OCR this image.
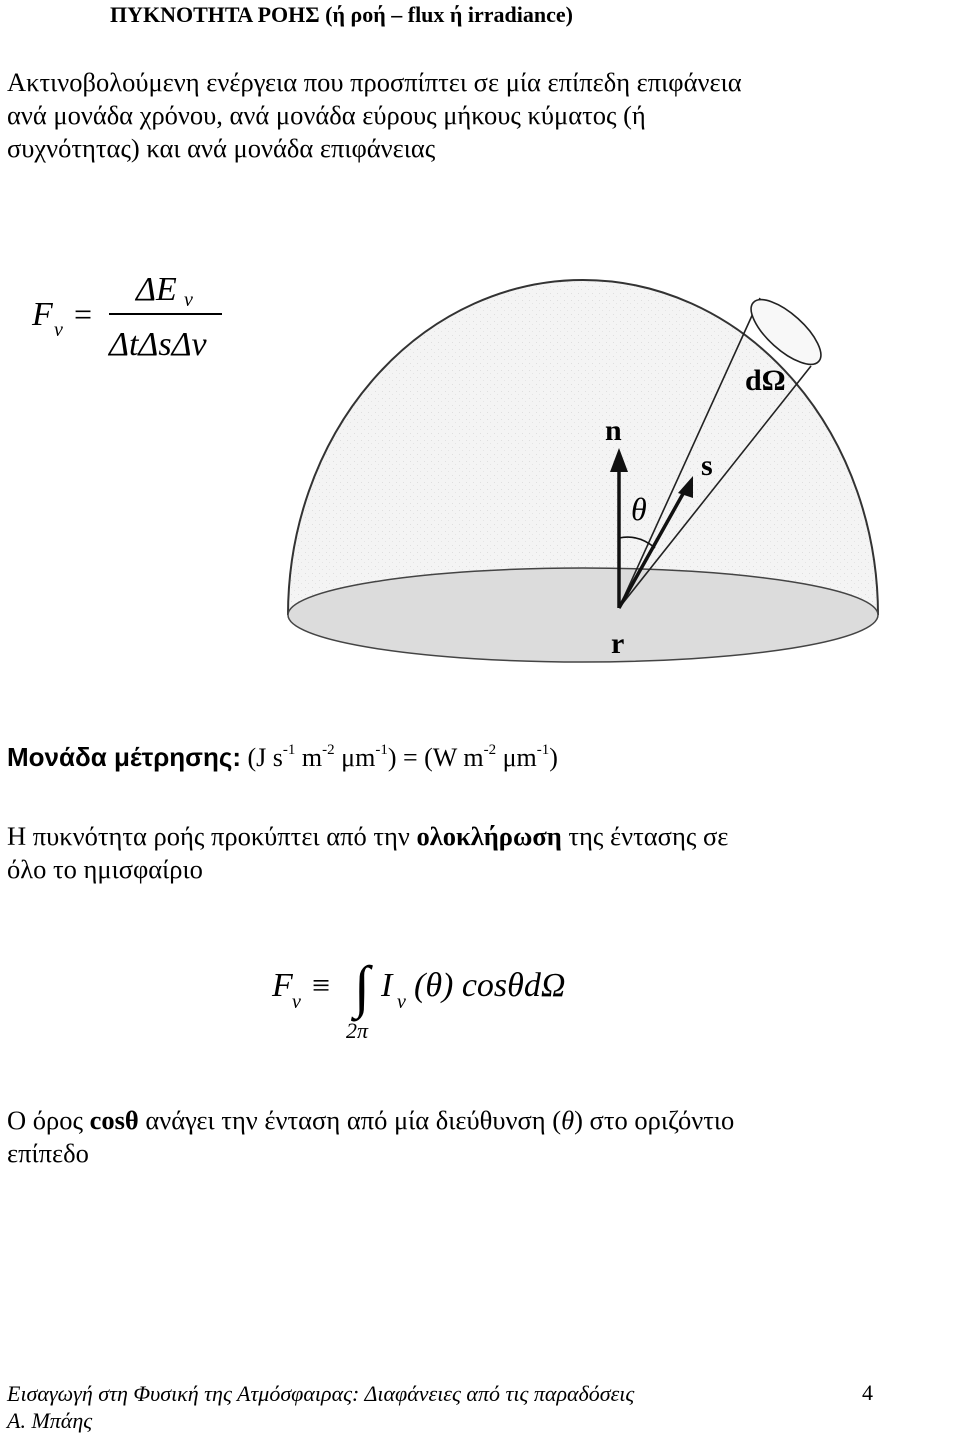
ΠΥΚΝΟΤΗΤΑ ΡΟΗΣ (ή ροή – flux ή irradiance)
Ακτινοβολούμενη ενέργεια που προσπίπτει σε μία επίπεδη επιφάνεια
ανά μονάδα χρόνου, ανά μονάδα εύρους μήκους κύματος (ή
συχνότητας) και ανά μονάδα επιφάνειας
F ν =
ΔE ν
ΔtΔsΔν
dΩ
n
s
θ
r
Μονάδα μέτρησης: (J $s^{-1}$ $m^{-2}$ $\mu m^{-1}) = (W$ $m^{-2}$ $\mu m^{-1}$)
Η πυκνότητα ροής προκύπτει από την ολοκλήρωση της έντασης σε
όλο το ημισφαίριο
F ν ≡ ∫
2π
I ν (θ) cosθdΩ
Ο όρος cosθ ανάγει την ένταση από μία διεύθυνση (θ) στο οριζόντιο
επίπεδο
Εισαγωγή στη Φυσική της Ατμόσφαιρας: Διαφάνειες από τις παραδόσεις
Α. Μπάης
4
